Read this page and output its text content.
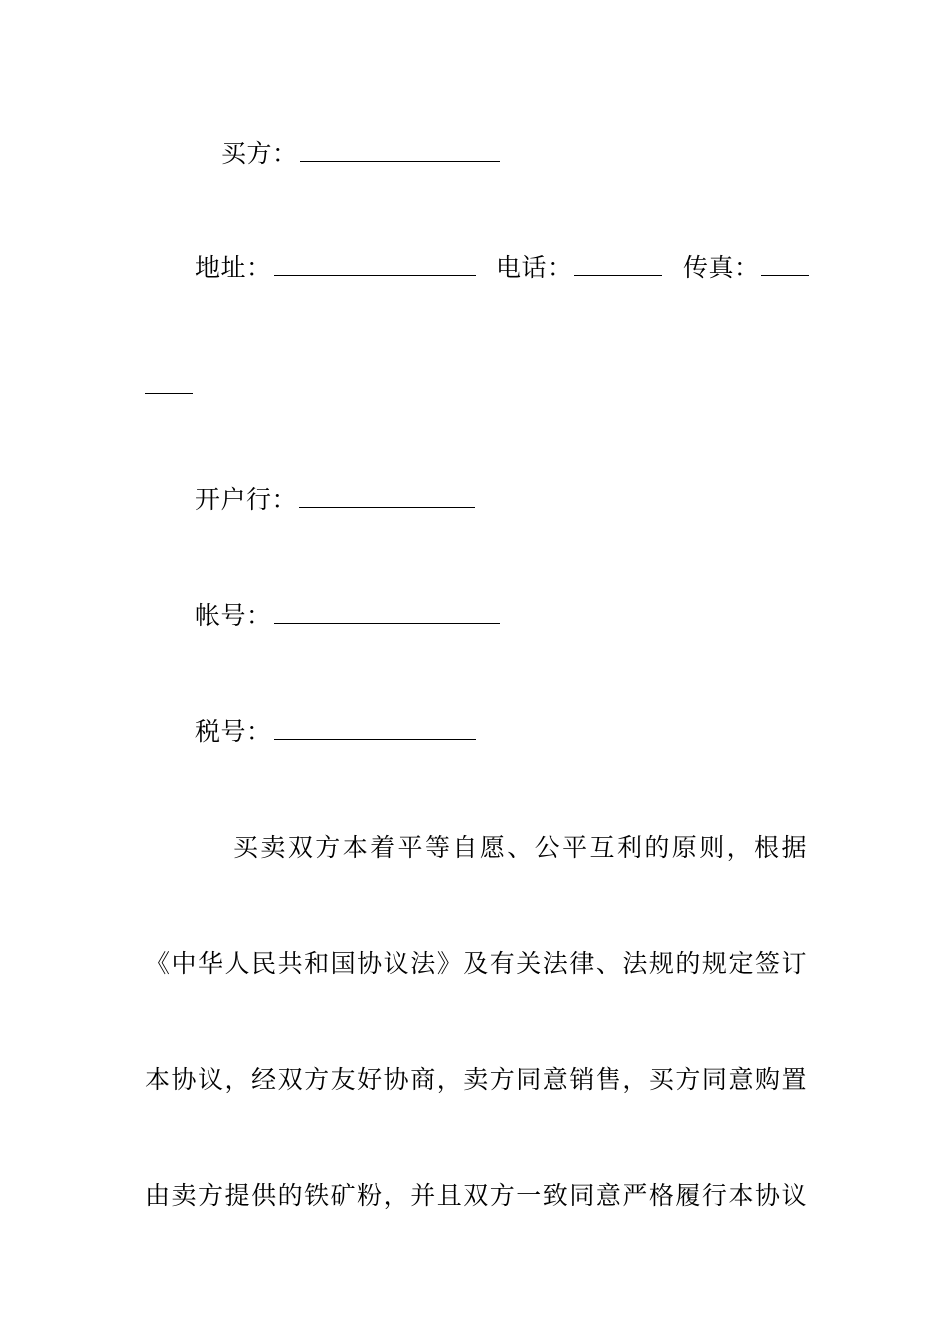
买方：
地址：	电话：	传真：
开户行：
帐号：
税号：
买卖双方本着平等自愿、公平互利的原则，根据
《中华人民共和国协议法》及有关法律、法规的规定签订
本协议，经双方友好协商，卖方同意销售，买方同意购置
由卖方提供的铁矿粉，并且双方一致同意严格履行本协议
